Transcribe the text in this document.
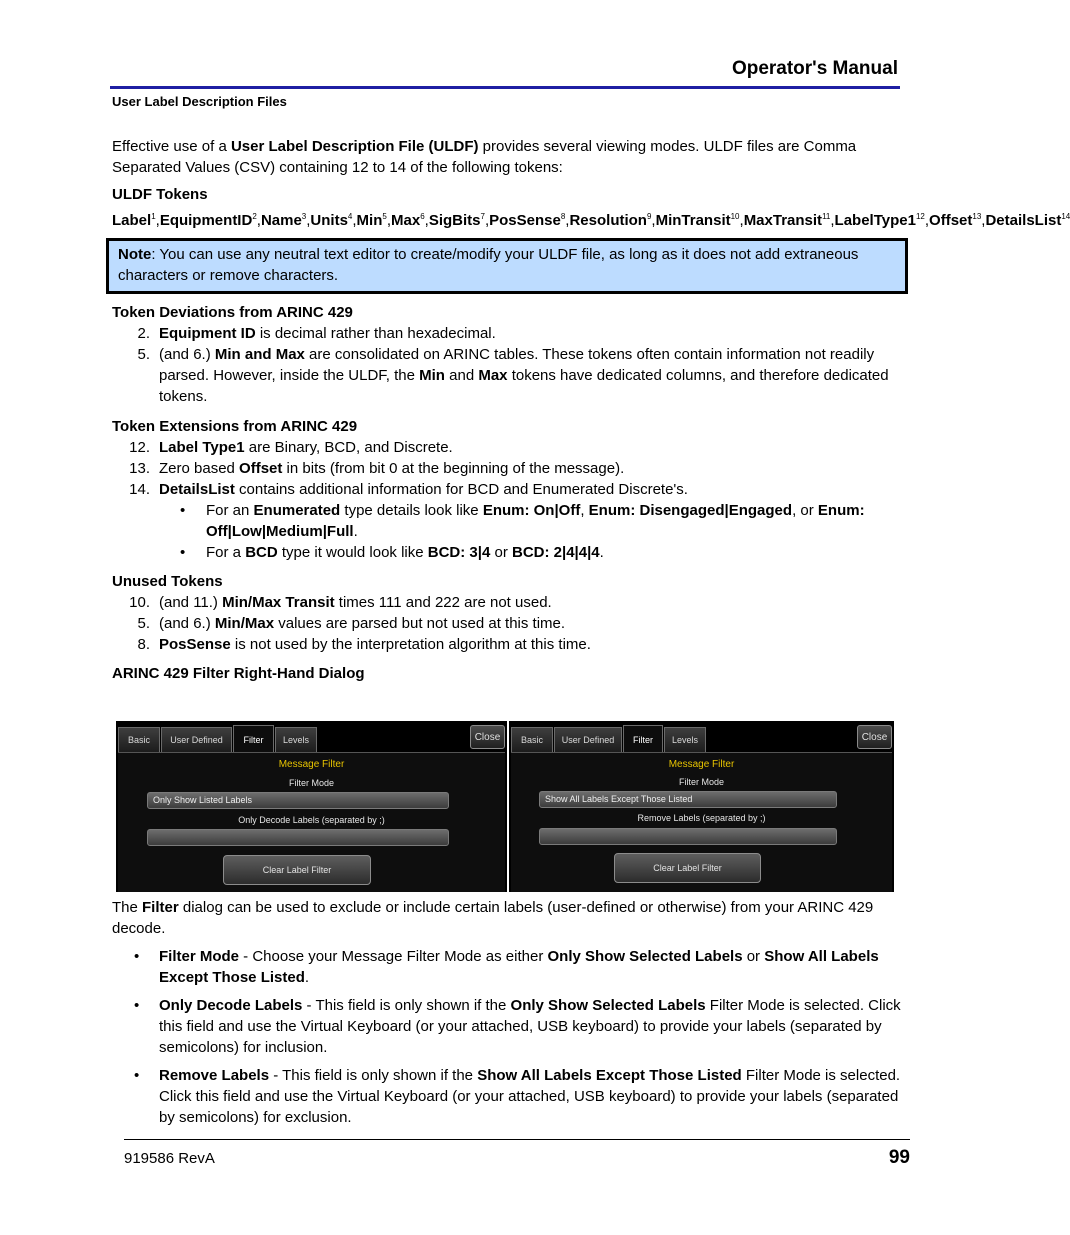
Operator's Manual
User Label Description Files

Effective use of a User Label Description File (ULDF) provides several viewing modes. ULDF files are Comma Separated Values (CSV) containing 12 to 14 of the following tokens:

ULDF Tokens

$Label^1,EquipmentID^2,Name^3,Units^4,Min^5,Max^6,SigBits^7,PosSense^8,Resolution^9,MinTransit^{10},MaxTransit^{11},LabelType1^{12},Offset^{13},De$tailsList$^{14}$

Note: You can use any neutral text editor to create/modify your ULDF file, as long as it does not add extraneous characters or remove characters.

Token Deviations from ARINC 429

2. Equipment ID is decimal rather than hexadecimal.
5. (and 6.) Min and Max are consolidated on ARINC tables. These tokens often contain information not readily parsed. However, inside the ULDF, the Min and Max tokens have dedicated columns, and therefore dedicated tokens.

Token Extensions from ARINC 429

12. Label Type1 are Binary, BCD, and Discrete.
13. Zero based Offset in bits (from bit 0 at the beginning of the message).
14. DetailsList contains additional information for BCD and Enumerated Discrete's.
• For an Enumerated type details look like Enum: On|Off, Enum: Disengaged|Engaged, or Enum: Off|Low|Medium|Full.
• For a BCD type it would look like BCD: 3|4 or BCD: 2|4|4|4.

Unused Tokens

10. (and 11.) Min/Max Transit times 111 and 222 are not used.
5. (and 6.) Min/Max values are parsed but not used at this time.
8. PosSense is not used by the interpretation algorithm at this time.

ARINC 429 Filter Right-Hand Dialog

Basic	User Defined	Filter	Levels	Close
Message Filter
Filter Mode
Only Show Listed Labels
Only Decode Labels (separated by ;)
Clear Label Filter
Basic	User Defined	Filter	Levels	Close
Message Filter
Filter Mode
Show All Labels Except Those Listed
Remove Labels (separated by ;)
Clear Label Filter

The Filter dialog can be used to exclude or include certain labels (user-defined or otherwise) from your ARINC 429 decode.

• Filter Mode - Choose your Message Filter Mode as either Only Show Selected Labels or Show All Labels Except Those Listed.
• Only Decode Labels - This field is only shown if the Only Show Selected Labels Filter Mode is selected. Click this field and use the Virtual Keyboard (or your attached, USB keyboard) to provide your labels (separated by semicolons) for inclusion.
• Remove Labels - This field is only shown if the Show All Labels Except Those Listed Filter Mode is selected. Click this field and use the Virtual Keyboard (or your attached, USB keyboard) to provide your labels (separated by semicolons) for exclusion.
919586 RevA	99
